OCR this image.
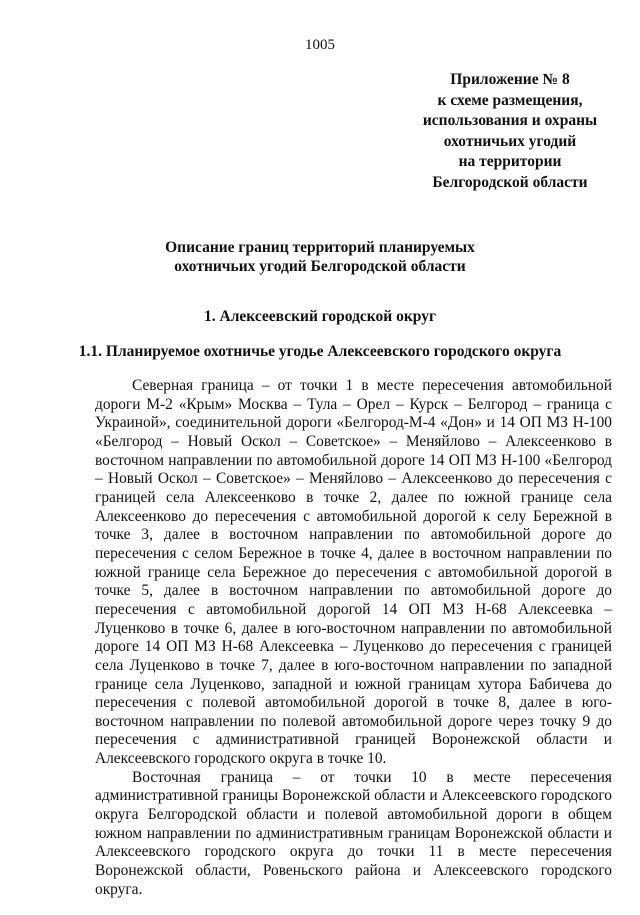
1005
Приложение № 8
к схеме размещения,
использования и охраны
охотничьих угодий
на территории
Белгородской области
Описание границ территорий планируемых
охотничьих угодий Белгородской области
1. Алексеевский городской округ
1.1. Планируемое охотничье угодье Алексеевского городского округа

Северная граница – от точки 1 в месте пересечения автомобильной дороги М-2 «Крым» Москва – Тула – Орел – Курск – Белгород – граница с Украиной», соединительной дороги «Белгород-М-4 «Дон» и 14 ОП МЗ Н-100 «Белгород – Новый Оскол – Советское» – Меняйлово – Алексеенково в восточном направлении по автомобильной дороге 14 ОП МЗ Н-100 «Белгород – Новый Оскол – Советское» – Меняйлово – Алексеенково до пересечения с границей села Алексеенково в точке 2, далее по южной границе села Алексеенково до пересечения с автомобильной дорогой к селу Бережной в точке 3, далее в восточном направлении по автомобильной дороге до пересечения с селом Бережное в точке 4, далее в восточном направлении по южной границе села Бережное до пересечения с автомобильной дорогой в точке 5, далее в восточном направлении по автомобильной дороге до пересечения с автомобильной дорогой 14 ОП МЗ Н-68 Алексеевка – Луценково в точке 6, далее в юго-восточном направлении по автомобильной дороге 14 ОП МЗ Н-68 Алексеевка – Луценково до пересечения с границей села Луценково в точке 7, далее в юго-восточном направлении по западной границе села Луценково, западной и южной границам хутора Бабичева до пересечения с полевой автомобильной дорогой в точке 8, далее в юго-восточном направлении по полевой автомобильной дороге через точку 9 до пересечения с административной границей Воронежской области и Алексеевского городского округа в точке 10.

Восточная граница – от точки 10 в месте пересечения административной границы Воронежской области и Алексеевского городского округа Белгородской области и полевой автомобильной дороги в общем южном направлении по административным границам Воронежской области и Алексеевского городского округа до точки 11 в месте пересечения Воронежской области, Ровеньского района и Алексеевского городского округа.
